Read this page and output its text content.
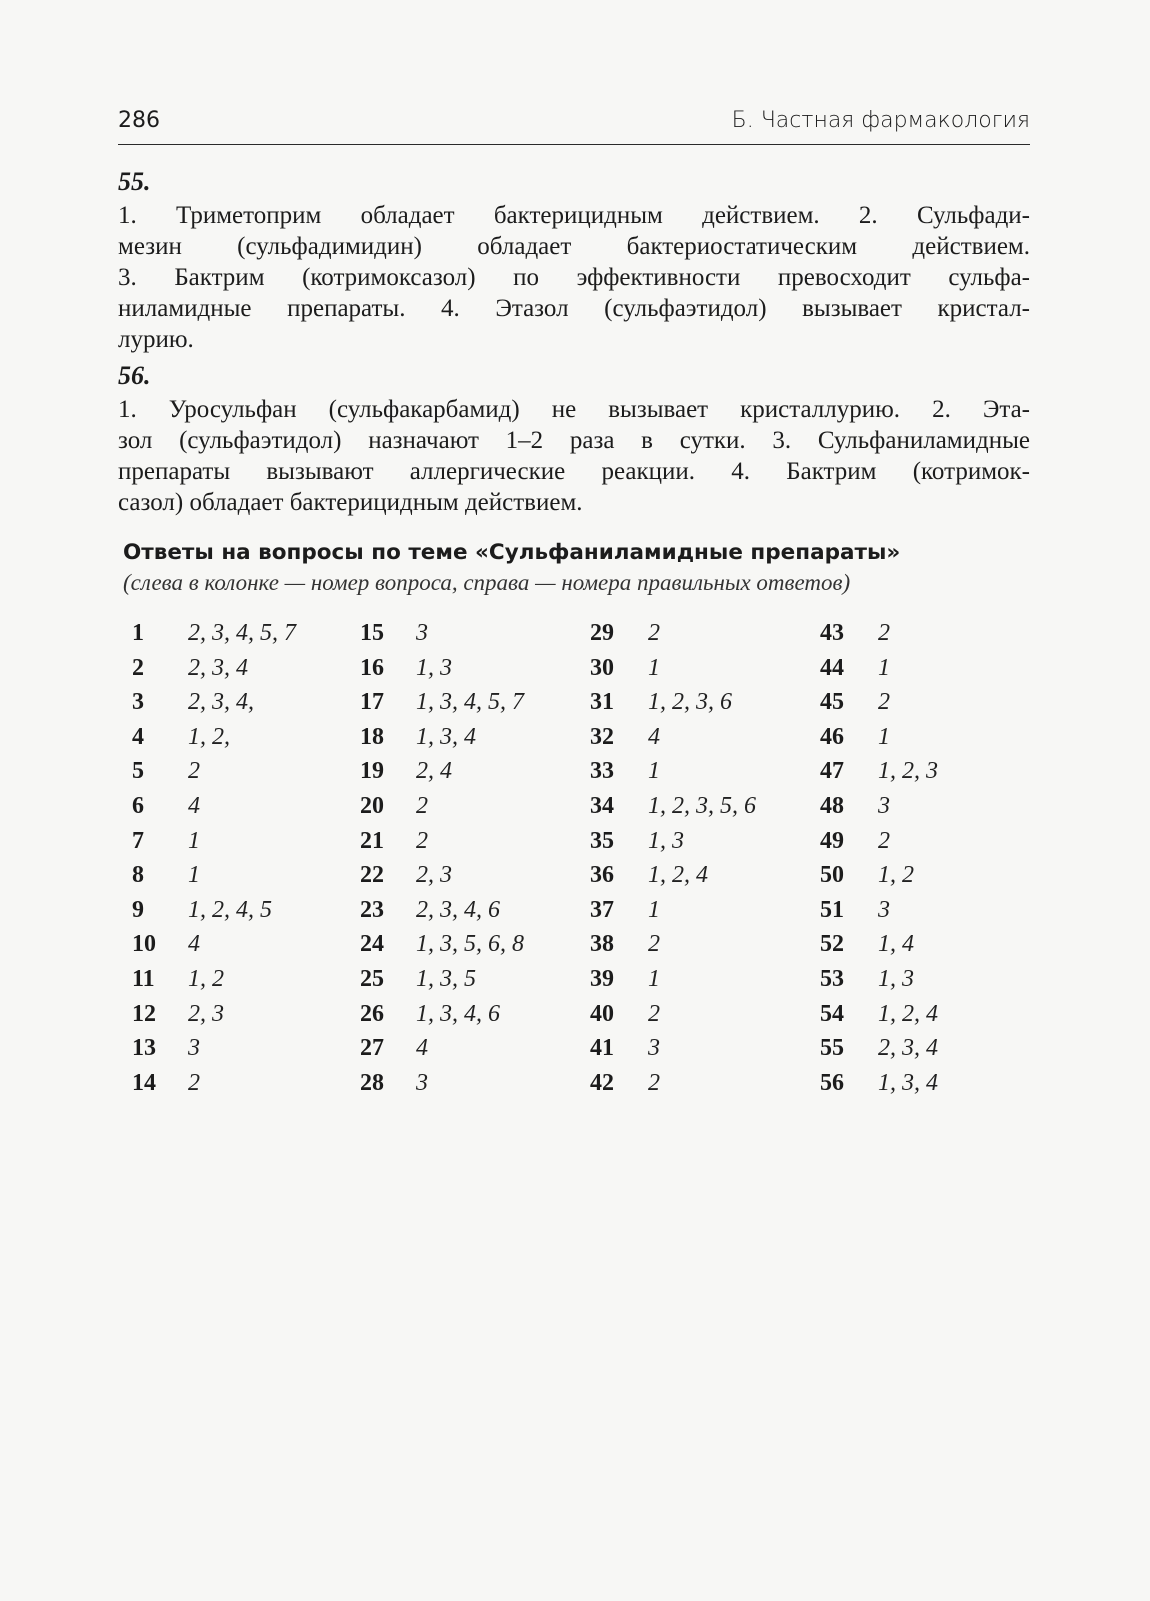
286	Б. Частная фармакология
55.

1. Триметоприм обладает бактерицидным действием. 2. Сульфади-
мезин (сульфадимидин) обладает бактериостатическим действием.
3. Бактрим (котримоксазол) по эффективности превосходит сульфа-
ниламидные препараты. 4. Этазол (сульфаэтидол) вызывает кристал-
лурию.

56.

1. Уросульфан (сульфакарбамид) не вызывает кристаллурию. 2. Эта-
зол (сульфаэтидол) назначают 1–2 раза в сутки. 3. Сульфаниламидные
препараты вызывают аллергические реакции. 4. Бактрим (котримок-
сазол) обладает бактерицидным действием.

Ответы на вопросы по теме «Сульфаниламидные препараты»
(слева в колонке — номер вопроса, справа — номера правильных ответов)
1 2, 3, 4, 5, 7
2 2, 3, 4
3 2, 3, 4,
4 1, 2,
5 2
6 4
7 1
8 1
9 1, 2, 4, 5
10 4
11 1, 2
12 2, 3
13 3
14 2
15 3
16 1, 3
17 1, 3, 4, 5, 7
18 1, 3, 4
19 2, 4
20 2
21 2
22 2, 3
23 2, 3, 4, 6
24 1, 3, 5, 6, 8
25 1, 3, 5
26 1, 3, 4, 6
27 4
28 3
29 2
30 1
31 1, 2, 3, 6
32 4
33 1
34 1, 2, 3, 5, 6
35 1, 3
36 1, 2, 4
37 1
38 2
39 1
40 2
41 3
42 2
43 2
44 1
45 2
46 1
47 1, 2, 3
48 3
49 2
50 1, 2
51 3
52 1, 4
53 1, 3
54 1, 2, 4
55 2, 3, 4
56 1, 3, 4
